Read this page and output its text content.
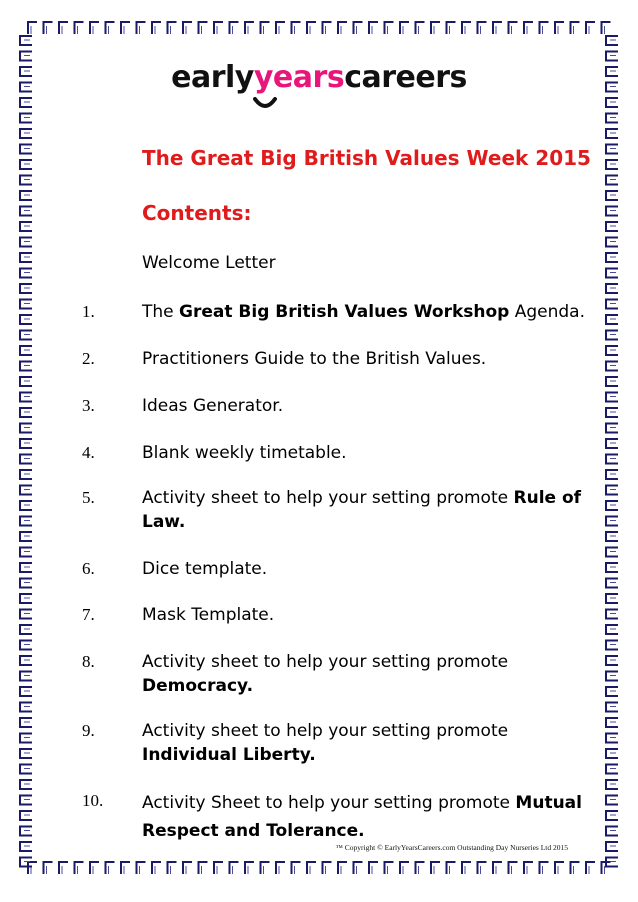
earlyyearscareers
The Great Big British Values Week 2015
Contents:
Welcome Letter
1.	The Great Big British Values Workshop Agenda.
2.	Practitioners Guide to the British Values.
3.	Ideas Generator.
4.	Blank weekly timetable.
5.	Activity sheet to help your setting promote Rule of Law.
6.	Dice template.
7.	Mask Template.
8.	Activity sheet to help your setting promote Democracy.
9.	Activity sheet to help your setting promote Individual Liberty.
10. Activity Sheet to help your setting promote Mutual Respect and Tolerance.
™ Copyright © EarlyYearsCareers.com Outstanding Day Nurseries Ltd 2015
